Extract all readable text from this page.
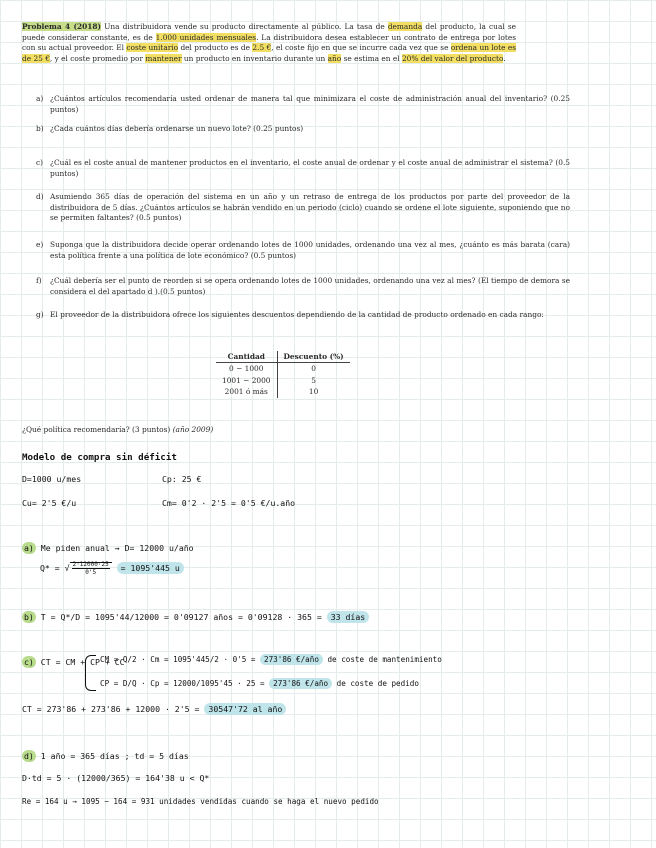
Problema 4 (2018) Una distribuidora vende su producto directamente al público. La tasa de demanda del producto, la cual se puede considerar constante, es de 1.000 unidades mensuales. La distribuidora desea establecer un contrato de entrega por lotes con su actual proveedor. El coste unitario del producto es de 2.5 €, el coste fijo en que se incurre cada vez que se ordena un lote es de 25 €, y el coste promedio por mantener un producto en inventario durante un año se estima en el 20% del valor del producto.
a) ¿Cuántos artículos recomendaría usted ordenar de manera tal que minimizara el coste de administración anual del inventario? (0.25 puntos)
b) ¿Cada cuántos días debería ordenarse un nuevo lote? (0.25 puntos)
c) ¿Cuál es el coste anual de mantener productos en el inventario, el coste anual de ordenar y el coste anual de administrar el sistema? (0.5 puntos)
d) Asumiendo 365 días de operación del sistema en un año y un retraso de entrega de los productos por parte del proveedor de la distribuidora de 5 días. ¿Cuántos artículos se habrán vendido en un periodo (ciclo) cuando se ordene el lote siguiente, suponiendo que no se permiten faltantes? (0.5 puntos)
e) Suponga que la distribuidora decide operar ordenando lotes de 1000 unidades, ordenando una vez al mes, ¿cuánto es más barata (cara) esta política frente a una política de lote económico? (0.5 puntos)
f) ¿Cuál debería ser el punto de reorden si se opera ordenando lotes de 1000 unidades, ordenando una vez al mes? (El tiempo de demora se considera el del apartado d ).(0.5 puntos)
g) El proveedor de la distribuidora ofrece los siguientes descuentos dependiendo de la cantidad de producto ordenado en cada rango:
Cantidad	Descuento (%)
0 − 1000	0
1001 − 2000	5
2001 ó más	10
¿Qué política recomendaría? (3 puntos) (año 2009)
Modelo de compra sin déficit
D=1000 u/mes	Cp: 25 €
Cu= 2'5 €/u	Cm= 0'2 · 2'5 = 0'5 €/u.año
a) Me piden anual → D= 12000 u/año
Q* = √ $\frac{2\cdot 12000\cdot 25}{0'5} = 1095'445$ u
b) T = Q*/D = 1095'44/12000 = 0'09127 años = 0'09128 · 365 = 33 días
c) CT = CM + CP + CC
CM = Q/2 · Cm = 1095'445/2 · 0'5 = 273'86 €/año de coste de mantenimiento
CP = D/Q · Cp = 12000/1095'45 · 25 = 273'86 €/año de coste de pedido
CT = 273'86 + 273'86 + 12000 · 2'5 = 30547'72 al año
d) 1 año = 365 días ; td = 5 días
D·td = 5 · (12000/365) = 164'38 u < Q*
Re = 164 u → 1095 − 164 = 931 unidades vendidas cuando se haga el nuevo pedido
